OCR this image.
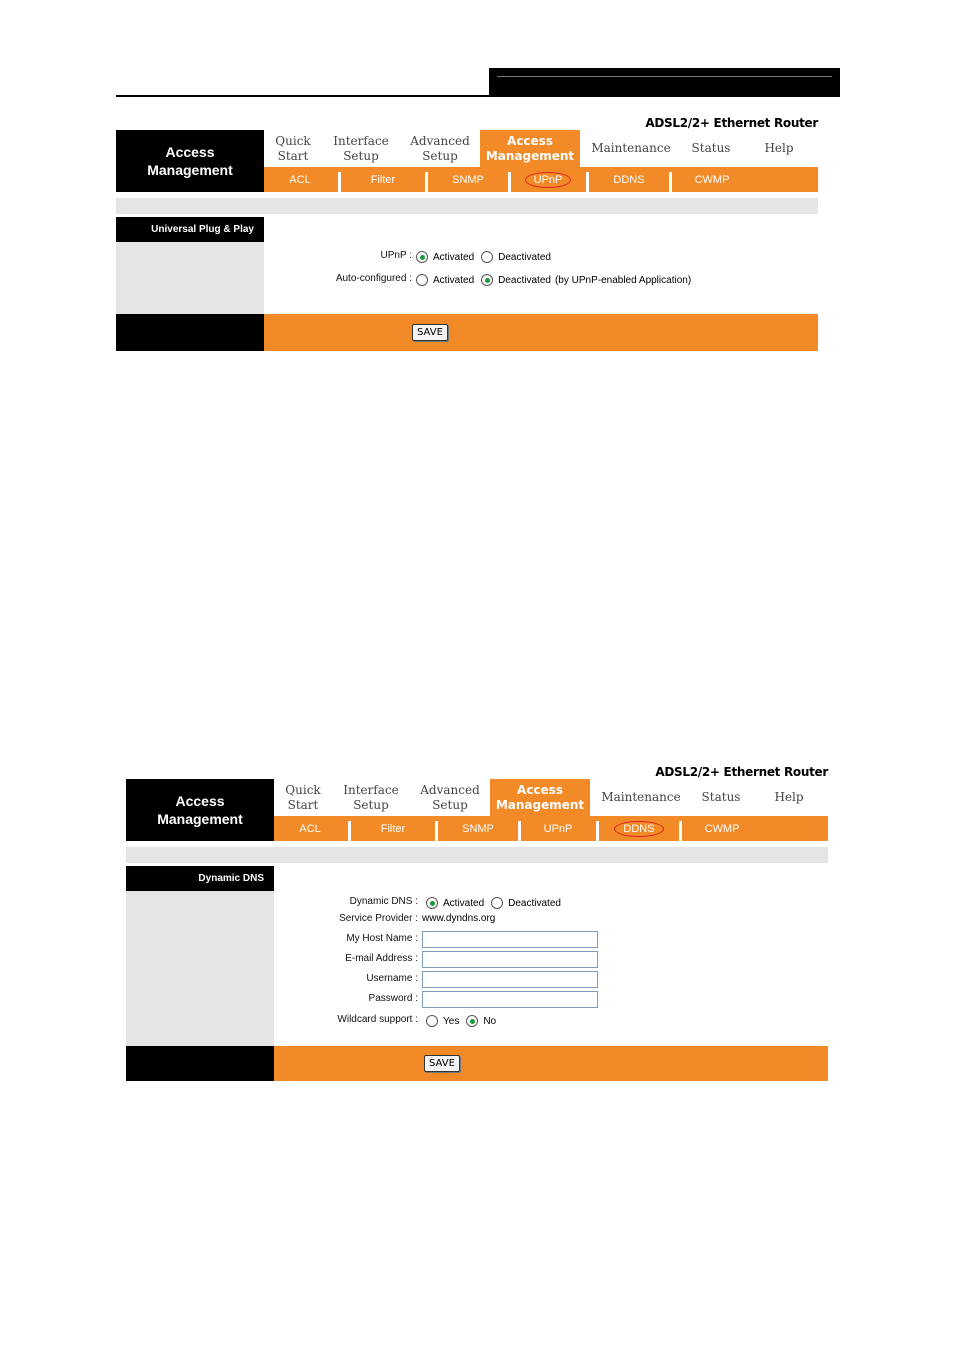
ADSL2/2+ Ethernet Router
Access
Management
Quick
Start
Interface
Setup
Advanced
Setup
Access
Management
Maintenance Status	Help
ACL	Filter	SNMP	UPnP	DDNS	CWMP
Universal Plug & Play
UPnP : Activated Deactivated
Auto-configured : Activated Deactivated (by UPnP-enabled Application)
SAVE
ADSL2/2+ Ethernet Router
Access
Management
Quick
Start
Interface
Setup
Advanced
Setup
Access
Management
Maintenance Status	Help
ACL	Filter	SNMP	UPnP	DDNS	CWMP
Dynamic DNS
Dynamic DNS :	Activated Deactivated
Service Provider : www.dyndns.org
My Host Name :
E-mail Address :
Username :
Password :
Wildcard support :	Yes No
SAVE
